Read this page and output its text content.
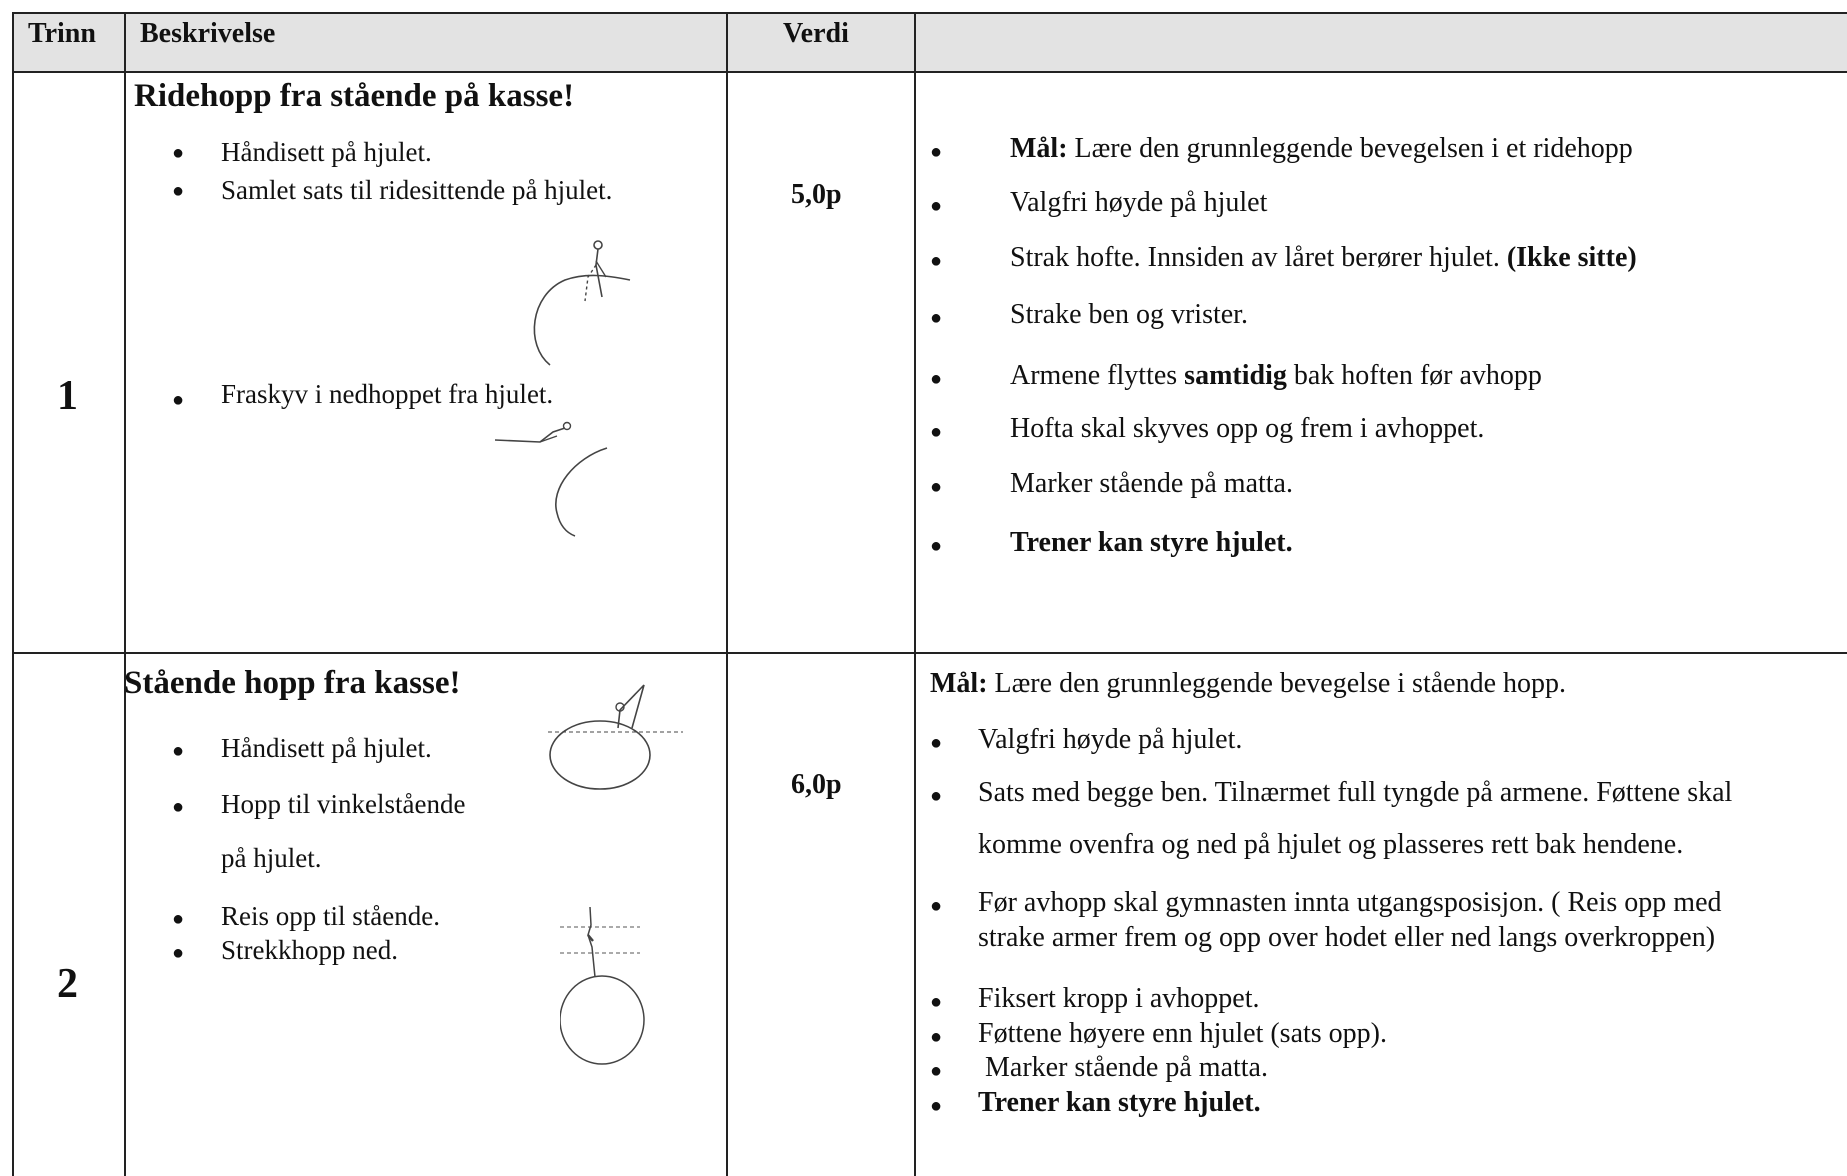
Trinn Beskrivelse	Verdi
1
Ridehopp fra stående på kasse!
● Håndisett på hjulet.
● Samlet sats til ridesittende på hjulet.
● Fraskyv i nedhoppet fra hjulet.
5,0p
● Mål: Lære den grunnleggende bevegelsen i et ridehopp
● Valgfri høyde på hjulet
● Strak hofte. Innsiden av låret berører hjulet. (Ikke sitte)
● Strake ben og vrister.
● Armene flyttes samtidig bak hoften før avhopp
● Hofta skal skyves opp og frem i avhoppet.
● Marker stående på matta.
● Trener kan styre hjulet.
2
Stående hopp fra kasse!
● Håndisett på hjulet.
● Hopp til vinkelstående
på hjulet.
● Reis opp til stående.
● Strekkhopp ned.
6,0p
Mål: Lære den grunnleggende bevegelse i stående hopp.
● Valgfri høyde på hjulet.
● Sats med begge ben. Tilnærmet full tyngde på armene. Føttene skal
komme ovenfra og ned på hjulet og plasseres rett bak hendene.
● Før avhopp skal gymnasten innta utgangsposisjon. ( Reis opp med
strake armer frem og opp over hodet eller ned langs overkroppen)
● Fiksert kropp i avhoppet.
● Føttene høyere enn hjulet (sats opp).
● Marker stående på matta.
● Trener kan styre hjulet.
